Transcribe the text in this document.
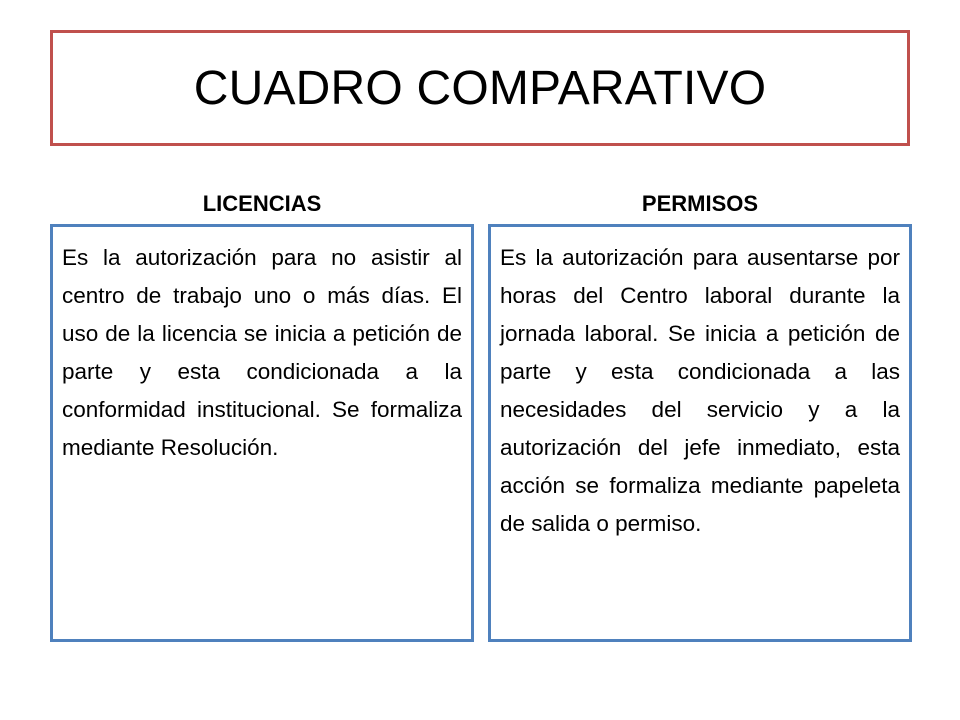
CUADRO COMPARATIVO
LICENCIAS	PERMISOS

Es la autorización para no asistir al centro de trabajo uno o más días. El uso de la licencia se inicia a petición de parte y esta condicionada a la conformidad institucional. Se formaliza mediante Resolución.

Es la autorización para ausentarse por horas del Centro laboral durante la jornada laboral. Se inicia a petición de parte y esta condicionada a las necesidades del servicio y a la autorización del jefe inmediato, esta acción se formaliza mediante papeleta de salida o permiso.
